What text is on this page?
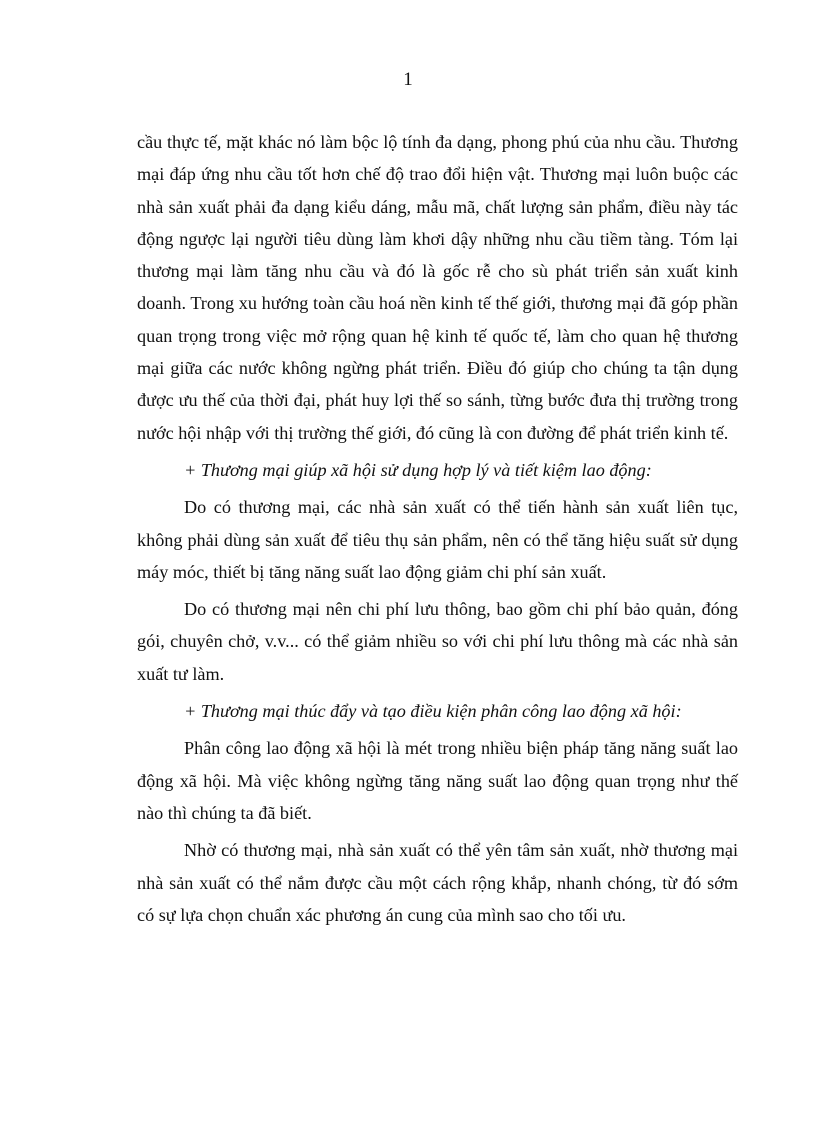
1

cầu thực tế, mặt khác nó làm bộc lộ tính đa dạng, phong phú của nhu cầu. Thương mại đáp ứng nhu cầu tốt hơn chế độ trao đổi hiện vật. Thương mại luôn buộc các nhà sản xuất phải đa dạng kiểu dáng, mẫu mã, chất lượng sản phẩm, điều này tác động ngược lại người tiêu dùng làm khơi dậy những nhu cầu tiềm tàng. Tóm lại thương mại làm tăng nhu cầu và đó là gốc rễ cho sù phát triển sản xuất kinh doanh. Trong xu hướng toàn cầu hoá nền kinh tế thế giới, thương mại đã góp phần quan trọng trong việc mở rộng quan hệ kinh tế quốc tế, làm cho quan hệ thương mại giữa các nước không ngừng phát triển. Điều đó giúp cho chúng ta tận dụng được ưu thế của thời đại, phát huy lợi thế so sánh, từng bước đưa thị trường trong nước hội nhập với thị trường thế giới, đó cũng là con đường để phát triển kinh tế.

+ Thương mại giúp xã hội sử dụng hợp lý và tiết kiệm lao động:

Do có thương mại, các nhà sản xuất có thể tiến hành sản xuất liên tục, không phải dùng sản xuất để tiêu thụ sản phẩm, nên có thể tăng hiệu suất sử dụng máy móc, thiết bị tăng năng suất lao động giảm chi phí sản xuất.

Do có thương mại nên chi phí lưu thông, bao gồm chi phí bảo quản, đóng gói, chuyên chở, v.v... có thể giảm nhiều so với chi phí lưu thông mà các nhà sản xuất tư làm.

+ Thương mại thúc đẩy và tạo điều kiện phân công lao động xã hội:

Phân công lao động xã hội là mét trong nhiều biện pháp tăng năng suất lao động xã hội. Mà việc không ngừng tăng năng suất lao động quan trọng như thế nào thì chúng ta đã biết.

Nhờ có thương mại, nhà sản xuất có thể yên tâm sản xuất, nhờ thương mại nhà sản xuất có thể nắm được cầu một cách rộng khắp, nhanh chóng, từ đó sớm có sự lựa chọn chuẩn xác phương án cung của mình sao cho tối ưu.
